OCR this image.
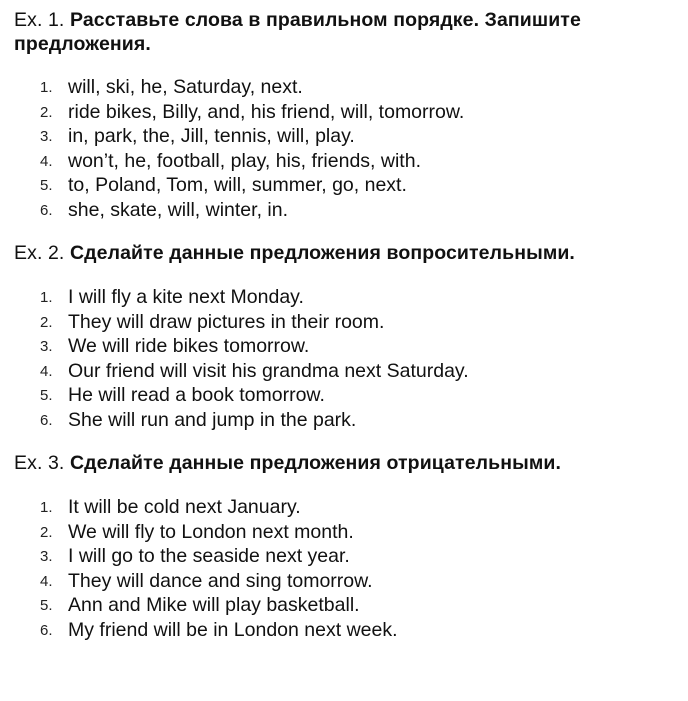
Ex. 1. Расставьте слова в правильном порядке. Запишите предложения.
1. will, ski, he, Saturday, next.
2. ride bikes, Billy, and, his friend, will, tomorrow.
3. in, park, the, Jill, tennis, will, play.
4. won’t, he, football, play, his, friends, with.
5. to, Poland, Tom, will, summer, go, next.
6. she, skate, will, winter, in.
Ex. 2. Сделайте данные предложения вопросительными.
1. I will fly a kite next Monday.
2. They will draw pictures in their room.
3. We will ride bikes tomorrow.
4. Our friend will visit his grandma next Saturday.
5. He will read a book tomorrow.
6. She will run and jump in the park.
Ex. 3. Сделайте данные предложения отрицательными.
1. It will be cold next January.
2. We will fly to London next month.
3. I will go to the seaside next year.
4. They will dance and sing tomorrow.
5. Ann and Mike will play basketball.
6. My friend will be in London next week.
